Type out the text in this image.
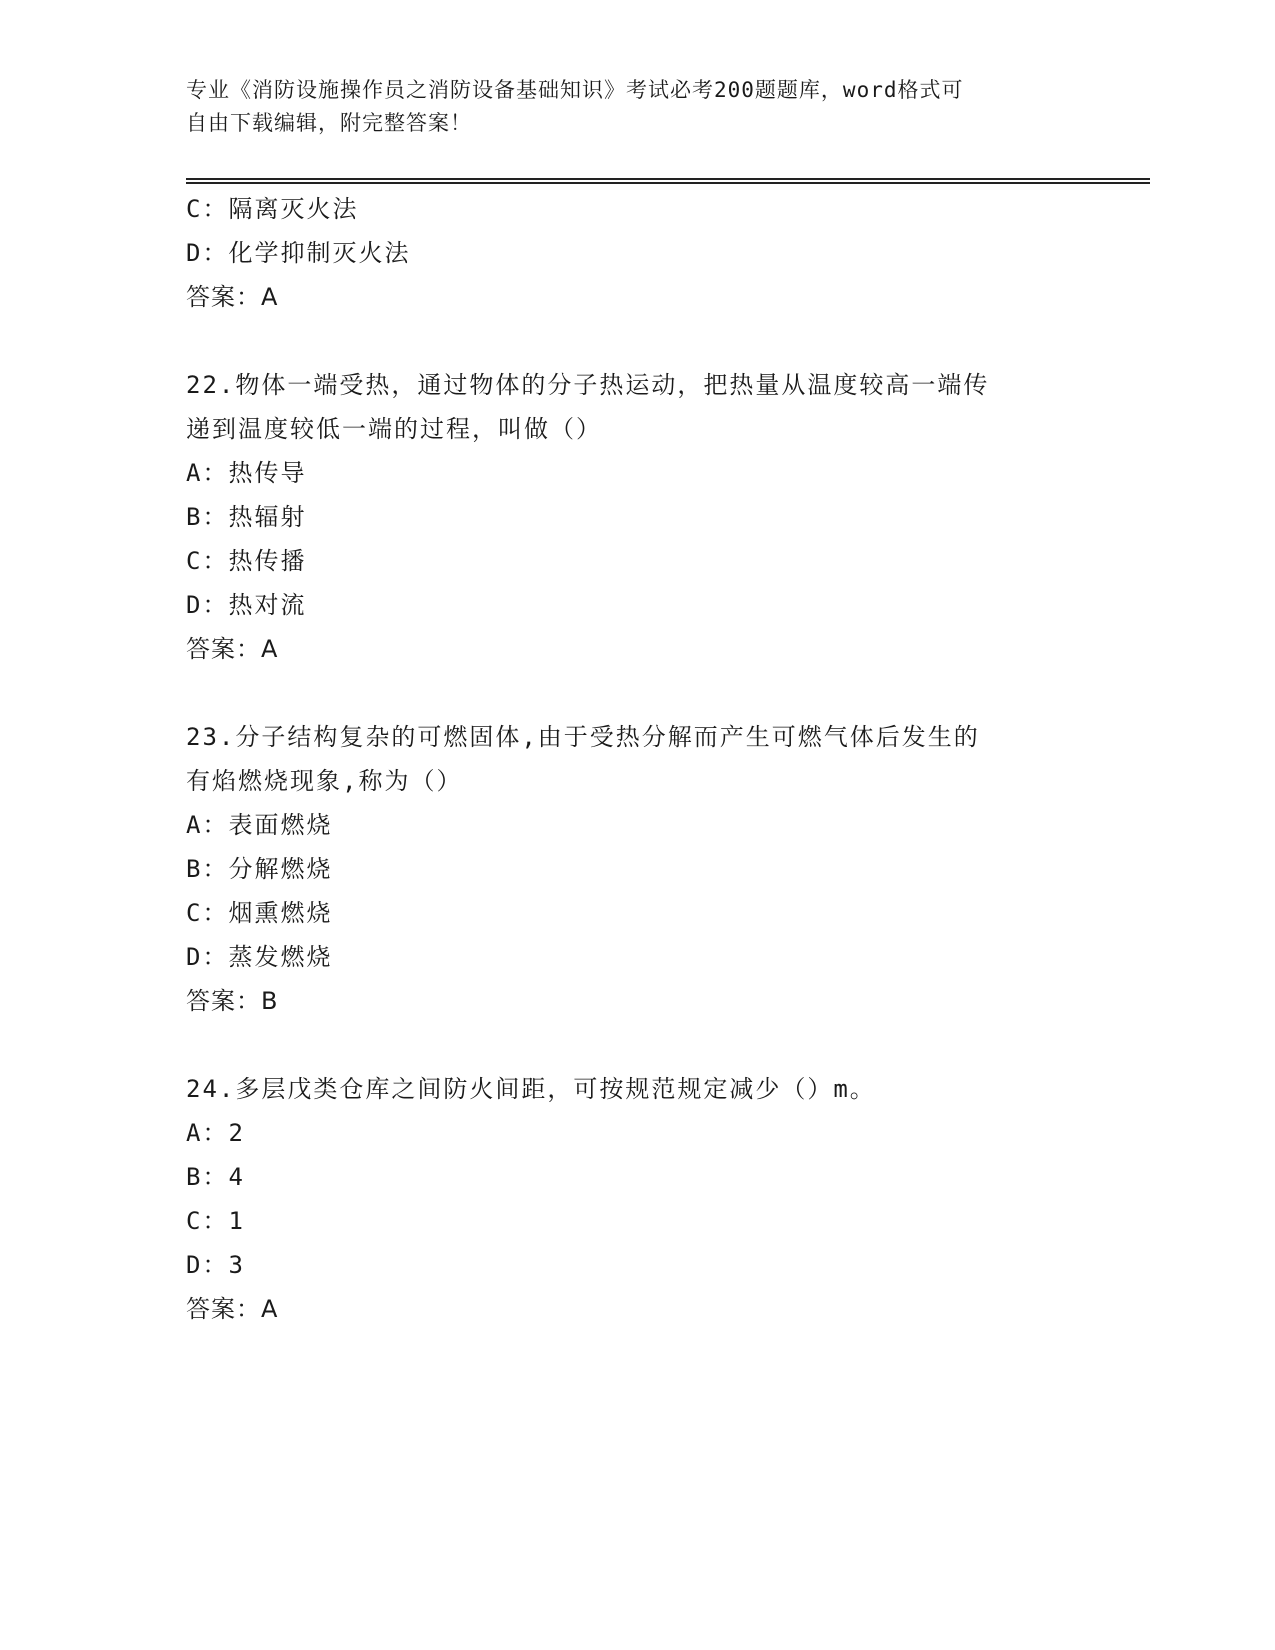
专业《消防设施操作员之消防设备基础知识》考试必考200题题库，word格式可
自由下载编辑，附完整答案！
C：隔离灭火法
D：化学抑制灭火法
答案：A
22.物体一端受热，通过物体的分子热运动，把热量从温度较高一端传
递到温度较低一端的过程，叫做（）
A：热传导
B：热辐射
C：热传播
D：热对流
答案：A
23.分子结构复杂的可燃固体,由于受热分解而产生可燃气体后发生的
有焰燃烧现象,称为（）
A：表面燃烧
B：分解燃烧
C：烟熏燃烧
D：蒸发燃烧
答案：B
24.多层戊类仓库之间防火间距，可按规范规定减少（）m。
A：2
B：4
C：1
D：3
答案：A
